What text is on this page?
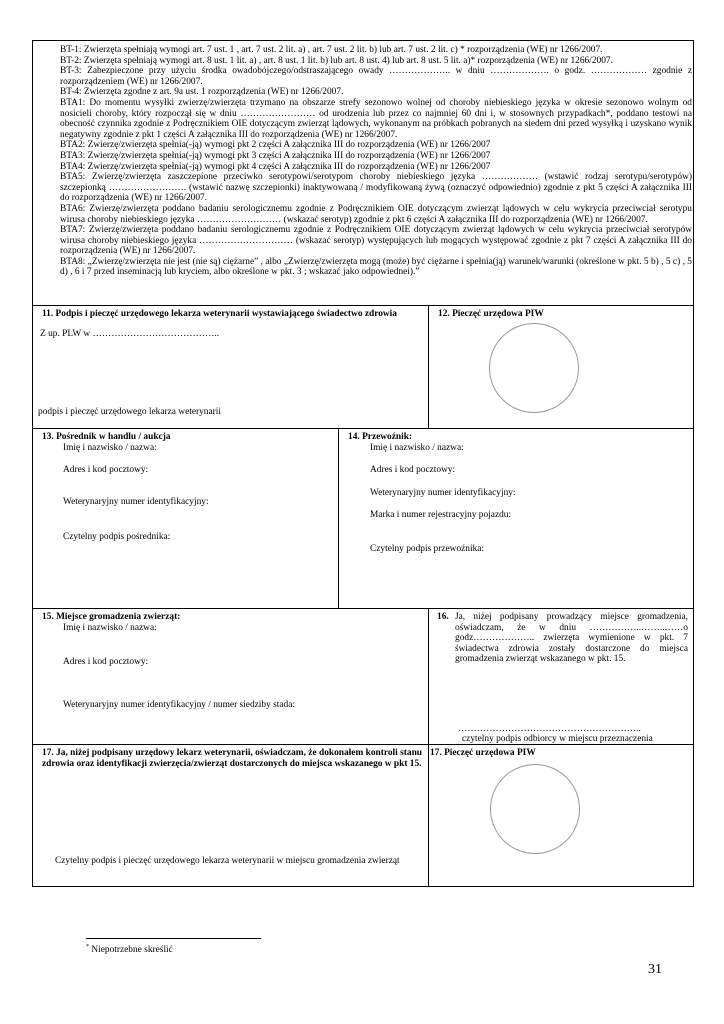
BT-1: Zwierzęta spełniają wymogi art. 7 ust. 1 , art. 7 ust. 2 lit. a) , art. 7 ust. 2 lit. b) lub art. 7 ust. 2 lit. c) * rozporządzenia (WE) nr 1266/2007.

BT-2: Zwierzęta spełniają wymogi art. 8 ust. 1 lit. a) , art. 8 ust. 1 lit. b) lub art. 8 ust. 4) lub art. 8 ust. 5 lit. a)* rozporządzenia (WE) nr 1266/2007.

BT-3: Zabezpieczone przy użyciu środka owadobójczego/odstraszającego owady ……………….. w dniu ………………. o godz. ……………… zgodnie z rozporządzeniem (WE) nr 1266/2007.

BT-4: Zwierzęta zgodne z art. 9a ust. 1 rozporządzenia (WE) nr 1266/2007.

BTA1: Do momentu wysyłki zwierzę/zwierzęta trzymano na obszarze strefy sezonowo wolnej od choroby niebieskiego języka w okresie sezonowo wolnym od nosicieli choroby, który rozpoczął się w dniu …………………… od urodzenia lub przez co najmniej 60 dni i, w stosownych przypadkach*, poddano testowi na obecność czynnika zgodnie z Podręcznikiem OIE dotyczącym zwierząt lądowych, wykonanym na próbkach pobranych na siedem dni przed wysyłką i uzyskano wynik negatywny zgodnie z pkt 1 części A załącznika III do rozporządzenia (WE) nr 1266/2007.

BTA2: Zwierzę/zwierzęta spełnia(-ją) wymogi pkt 2 części A załącznika III do rozporządzenia (WE) nr 1266/2007

BTA3: Zwierzę/zwierzęta spełnia(-ją) wymogi pkt 3 części A załącznika III do rozporządzenia (WE) nr 1266/2007

BTA4: Zwierzę/zwierzęta spełnia(-ją) wymogi pkt 4 części A załącznika III do rozporządzenia (WE) nr 1266/2007

BTA5: Zwierzę/zwierzęta zaszczepione przeciwko serotypowi/serotypom choroby niebieskiego języka ……………… (wstawić rodzaj serotypu/serotypów) szczepionką ……………………. (wstawić nazwę szczepionki) inaktywowaną / modyfikowaną żywą (oznaczyć odpowiednio) zgodnie z pkt 5 części A załącznika III do rozporządzenia (WE) nr 1266/2007.

BTA6: Zwierzę/zwierzęta poddano badaniu serologicznemu zgodnie z Podręcznikiem OIE dotyczącym zwierząt lądowych w celu wykrycia przeciwciał serotypu wirusa choroby niebieskiego języka ……………………… (wskazać serotyp) zgodnie z pkt 6 części A załącznika III do rozporządzenia (WE) nr 1266/2007.

BTA7: Zwierzę/zwierzęta poddano badaniu serologicznemu zgodnie z Podręcznikiem OIE dotyczącym zwierząt lądowych w celu wykrycia przeciwciał serotypów wirusa choroby niebieskiego języka ………………………… (wskazać serotyp) występujących lub mogących występować zgodnie z pkt 7 części A załącznika III do rozporządzenia (WE) nr 1266/2007.

BTA8: „Zwierzę/zwierzęta nie jest (nie są) ciężarne” , albo „Zwierzę/zwierzęta mogą (może) być ciężarne i spełnia(ją) warunek/warunki (określone w pkt. 5 b) , 5 c) , 5 d) , 6 i 7 przed inseminacją lub kryciem, albo określone w pkt. 3 ; wskazać jako odpowiednei).”

11. Podpis i pieczęć urzędowego lekarza weterynarii wystawiającego świadectwo zdrowia
Z up. PLW w …………………………………..
podpis i pieczęć urzędowego lekarza weterynarii
12. Pieczęć urzędowa PIW
13. Pośrednik w handlu / aukcja
Imię i nazwisko / nazwa:
Adres i kod pocztowy:
Weterynaryjny numer identyfikacyjny:
Czytelny podpis pośrednika:
14. Przewoźnik:
Imię i nazwisko / nazwa:
Adres i kod pocztowy:
Weterynaryjny numer identyfikacyjny:
Marka i numer rejestracyjny pojazdu:
Czytelny podpis przewoźnika:
15. Miejsce gromadzenia zwierząt:
Imię i nazwisko / nazwa:
Adres i kod pocztowy:
Weterynaryjny numer identyfikacyjny / numer siedziby stada:
16. Ja, niżej podpisany prowadzący miejsce gromadzenia, oświadczam, że w dniu ……………..……..……o godz……………….. zwierzęta wymienione w pkt. 7 świadectwa zdrowia zostały dostarczone do miejsca gromadzenia zwierząt wskazanego w pkt. 15.
…………………………………………………..
czytelny podpis odbiorcy w miejscu przeznaczenia
17. Ja, niżej podpisany urzędowy lekarz weterynarii, oświadczam, że dokonałem kontroli stanu zdrowia oraz identyfikacji zwierzęcia/zwierząt dostarczonych do miejsca wskazanego w pkt 15.
Czytelny podpis i pieczęć urzędowego lekarza weterynarii w miejscu gromadzenia zwierząt
17. Pieczęć urzędowa PIW
* Niepotrzebne skreślić
31
